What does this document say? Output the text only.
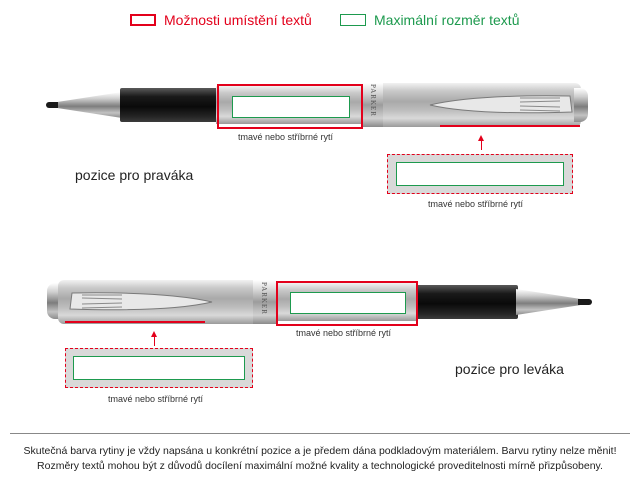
Možnosti umístění textů	Maximální rozměr textů
PARKER
tmavé nebo stříbrné rytí
tmavé nebo stříbrné rytí
pozice pro praváka
PARKER
tmavé nebo stříbrné rytí
tmavé nebo stříbrné rytí
pozice pro leváka
Skutečná barva rytiny je vždy napsána u konkrétní pozice a je předem dána podkladovým materiálem. Barvu rytiny nelze měnit!
Rozměry textů mohou být z důvodů docílení maximální možné kvality a technologické proveditelnosti mírně přizpůsobeny.
